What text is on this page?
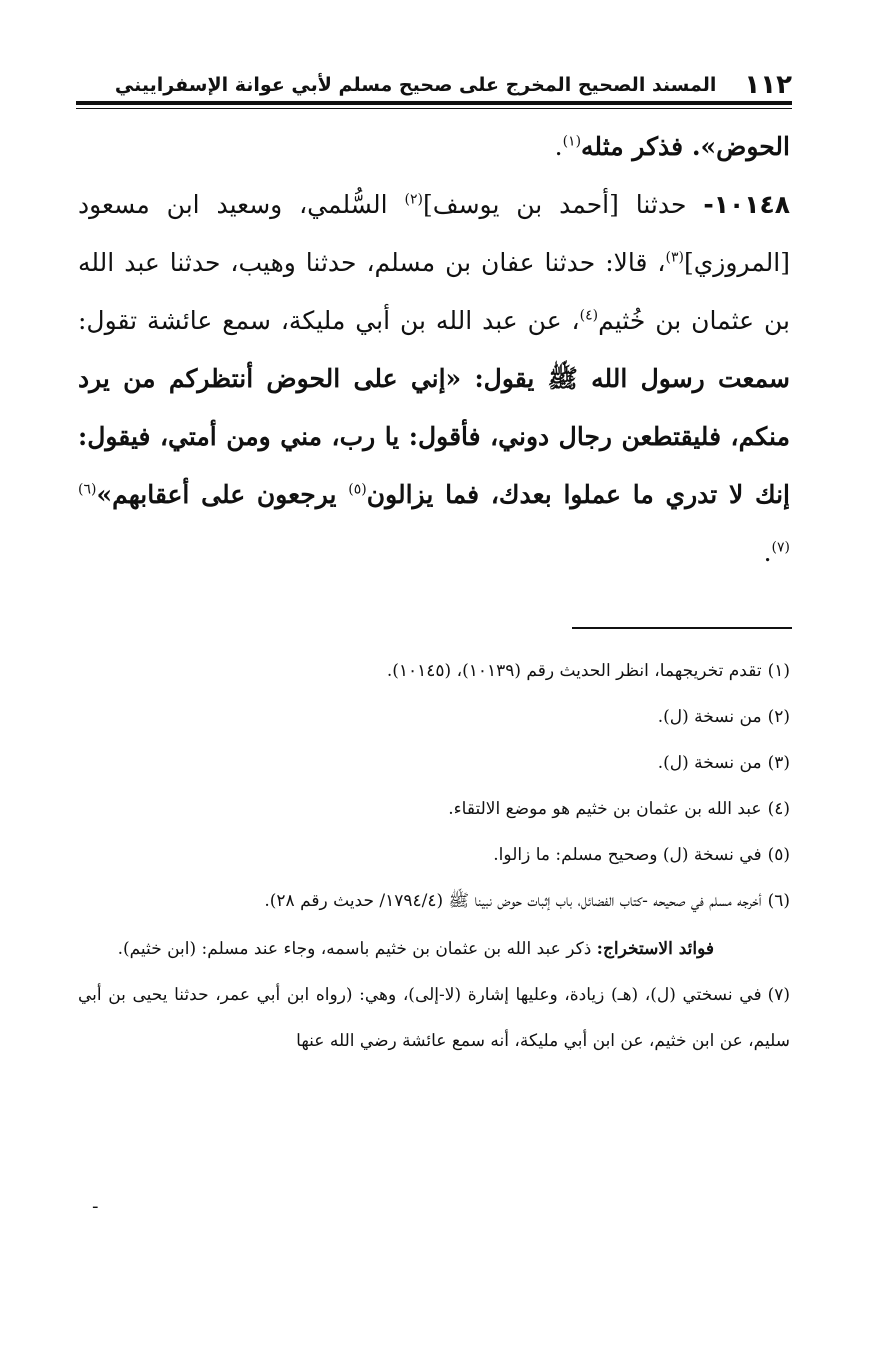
١١٢
المسند الصحيح المخرج على صحيح مسلم لأبي عوانة الإسفراييني

الحوض». فذكر مثله$^{(١)}$.

١٠١٤٨- حدثنا [أحمد بن يوسف]$^{(٢)}$ السُّلمي، وسعيد ابن مسعود [المروزي]$^{(٣)}$، قالا: حدثنا عفان بن مسلم، حدثنا وهيب، حدثنا عبد الله بن عثمان بن خُثيم$^{(٤)}$، عن عبد الله بن أبي مليكة، سمع عائشة تقول: سمعت رسول الله ﷺ يقول: «إني على الحوض أنتظركم من يرد منكم، فليقتطعن رجال دوني، فأقول: يا رب، مني ومن أمتي، فيقول: إنك لا تدري ما عملوا بعدك، فما يزالون$^{(٥)}$ يرجعون على أعقابهم»$^{(٦)}$ $^{(٧)}$.

(١)تقدم تخريجهما، انظر الحديث رقم (١٠١٣٩)، (١٠١٤٥).

(٢)من نسخة (ل).

(٣)من نسخة (ل).

(٤)عبد الله بن عثمان بن خثيم هو موضع الالتقاء.

(٥)في نسخة (ل) وصحيح مسلم: ما زالوا.

(٦)أخرجه مسلم في صحيحه -كتاب الفضائل، باب إثبات حوض نبينا ﷺ (١٧٩٤/٤/ حديث رقم ٢٨).

فوائد الاستخراج: ذكر عبد الله بن عثمان بن خثيم باسمه، وجاء عند مسلم: (ابن خثيم).

(٧)في نسختي (ل)، (هـ) زيادة، وعليها إشارة (لا-إلى)، وهي: (رواه ابن أبي عمر، حدثنا يحيى بن أبي سليم، عن ابن خثيم، عن ابن أبي مليكة، أنه سمع عائشة رضي الله عنها

-
